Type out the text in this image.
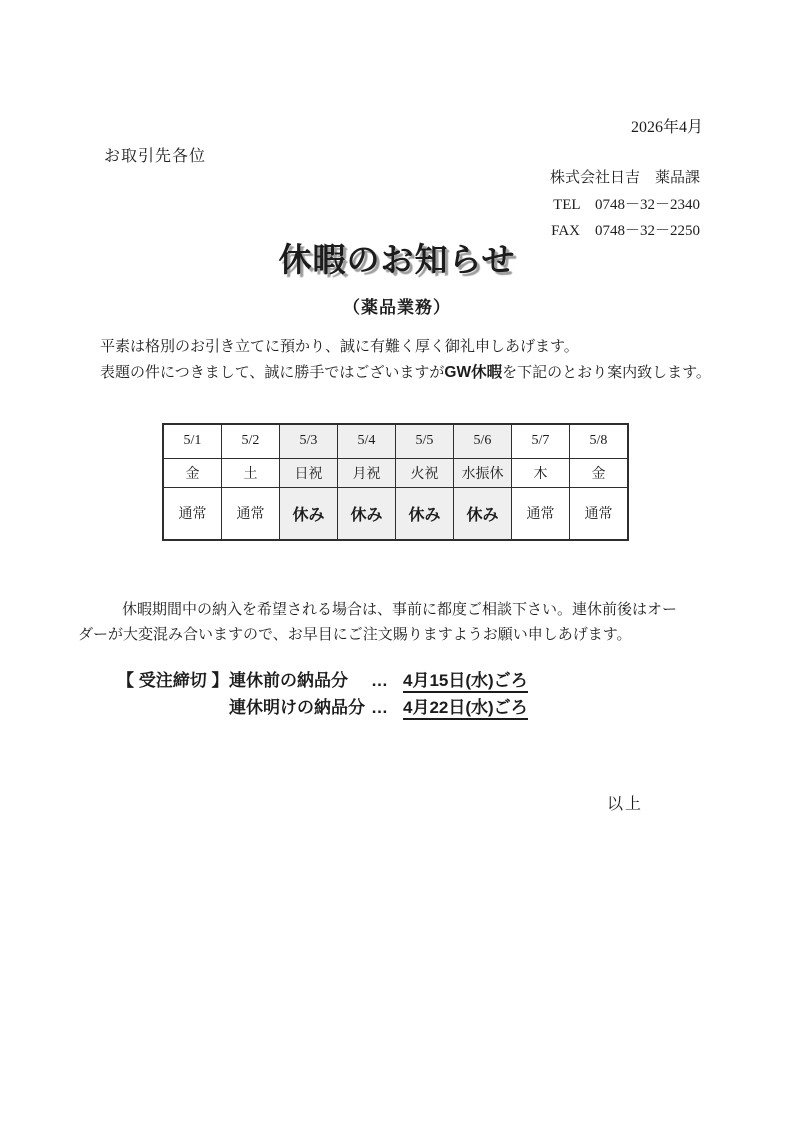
2026年4月
お取引先各位
株式会社日吉　薬品課
TEL　0748－32－2340
FAX　0748－32－2250
休暇のお知らせ
（薬品業務）
平素は格別のお引き立てに預かり、誠に有難く厚く御礼申しあげます。
表題の件につきまして、誠に勝手ではございますがGW休暇を下記のとおり案内致します。
5/1	5/2	5/3	5/4	5/5	5/6	5/7	5/8
金	土	日祝	月祝	火祝	水振休	木	金
通常	通常	休み	休み	休み	休み	通常	通常
休暇期間中の納入を希望される場合は、事前に都度ご相談下さい。連休前後はオー
ダーが大変混み合いますので、お早目にご注文賜りますようお願い申しあげます。
【 受注締切 】連休前の納品分 … 4月15日(水)ごろ
連休明けの納品分 … 4月22日(水)ごろ
以上
